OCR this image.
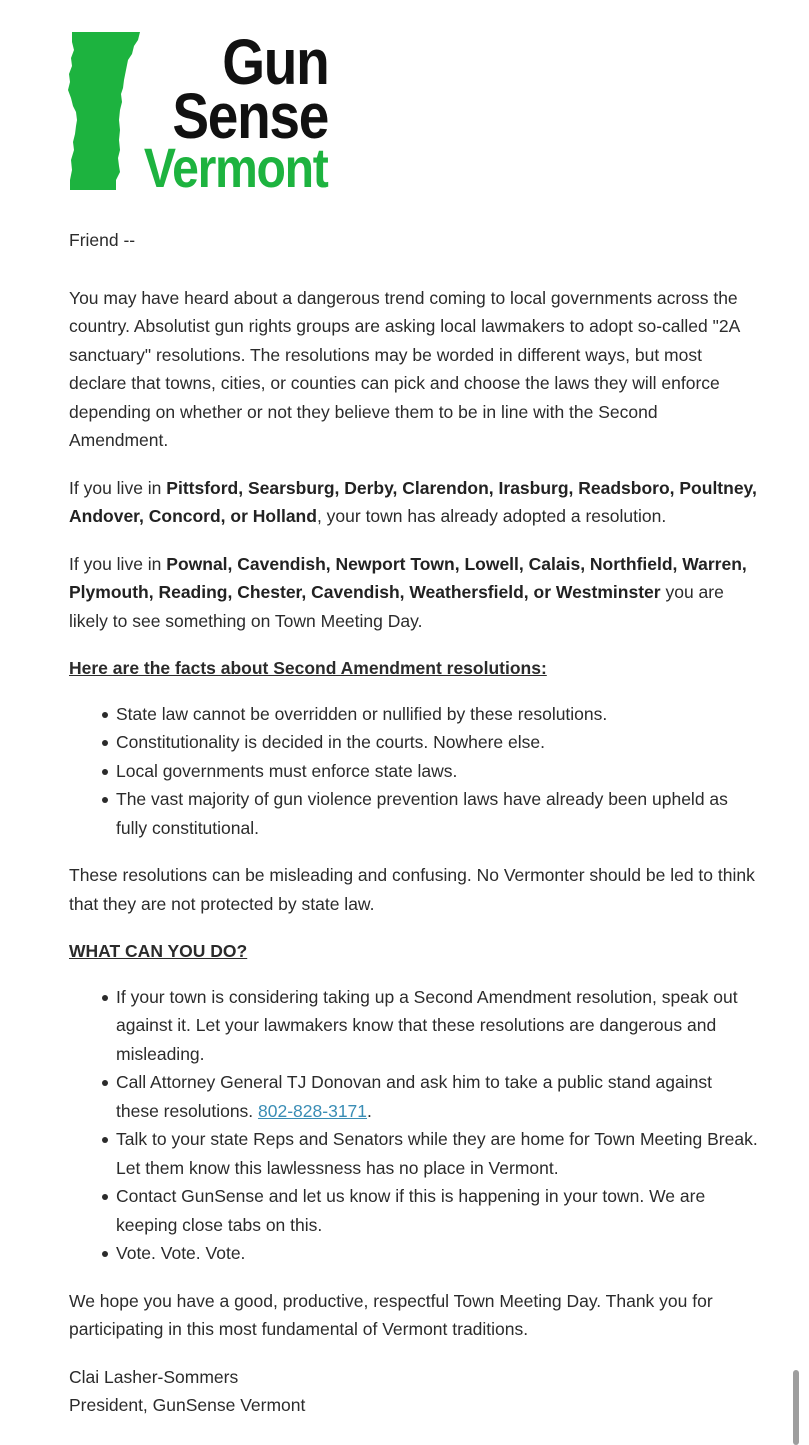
Gun
Sense
Vermont

Friend --

You may have heard about a dangerous trend coming to local governments across the country. Absolutist gun rights groups are asking local lawmakers to adopt so-called "2A sanctuary" resolutions. The resolutions may be worded in different ways, but most declare that towns, cities, or counties can pick and choose the laws they will enforce depending on whether or not they believe them to be in line with the Second Amendment.

If you live in Pittsford, Searsburg, Derby, Clarendon, Irasburg, Readsboro, Poultney, Andover, Concord, or Holland, your town has already adopted a resolution.

If you live in Pownal, Cavendish, Newport Town, Lowell, Calais, Northfield, Warren, Plymouth, Reading, Chester, Cavendish, Weathersfield, or Westminster you are likely to see something on Town Meeting Day.

Here are the facts about Second Amendment resolutions:

State law cannot be overridden or nullified by these resolutions.
Constitutionality is decided in the courts. Nowhere else.
Local governments must enforce state laws.
The vast majority of gun violence prevention laws have already been upheld as fully constitutional.

These resolutions can be misleading and confusing. No Vermonter should be led to think that they are not protected by state law.

WHAT CAN YOU DO?

If your town is considering taking up a Second Amendment resolution, speak out against it. Let your lawmakers know that these resolutions are dangerous and misleading.
Call Attorney General TJ Donovan and ask him to take a public stand against these resolutions. 802-828-3171.
Talk to your state Reps and Senators while they are home for Town Meeting Break. Let them know this lawlessness has no place in Vermont.
Contact GunSense and let us know if this is happening in your town. We are keeping close tabs on this.
Vote. Vote. Vote.

We hope you have a good, productive, respectful Town Meeting Day. Thank you for participating in this most fundamental of Vermont traditions.

Clai Lasher-Sommers
President, GunSense Vermont
